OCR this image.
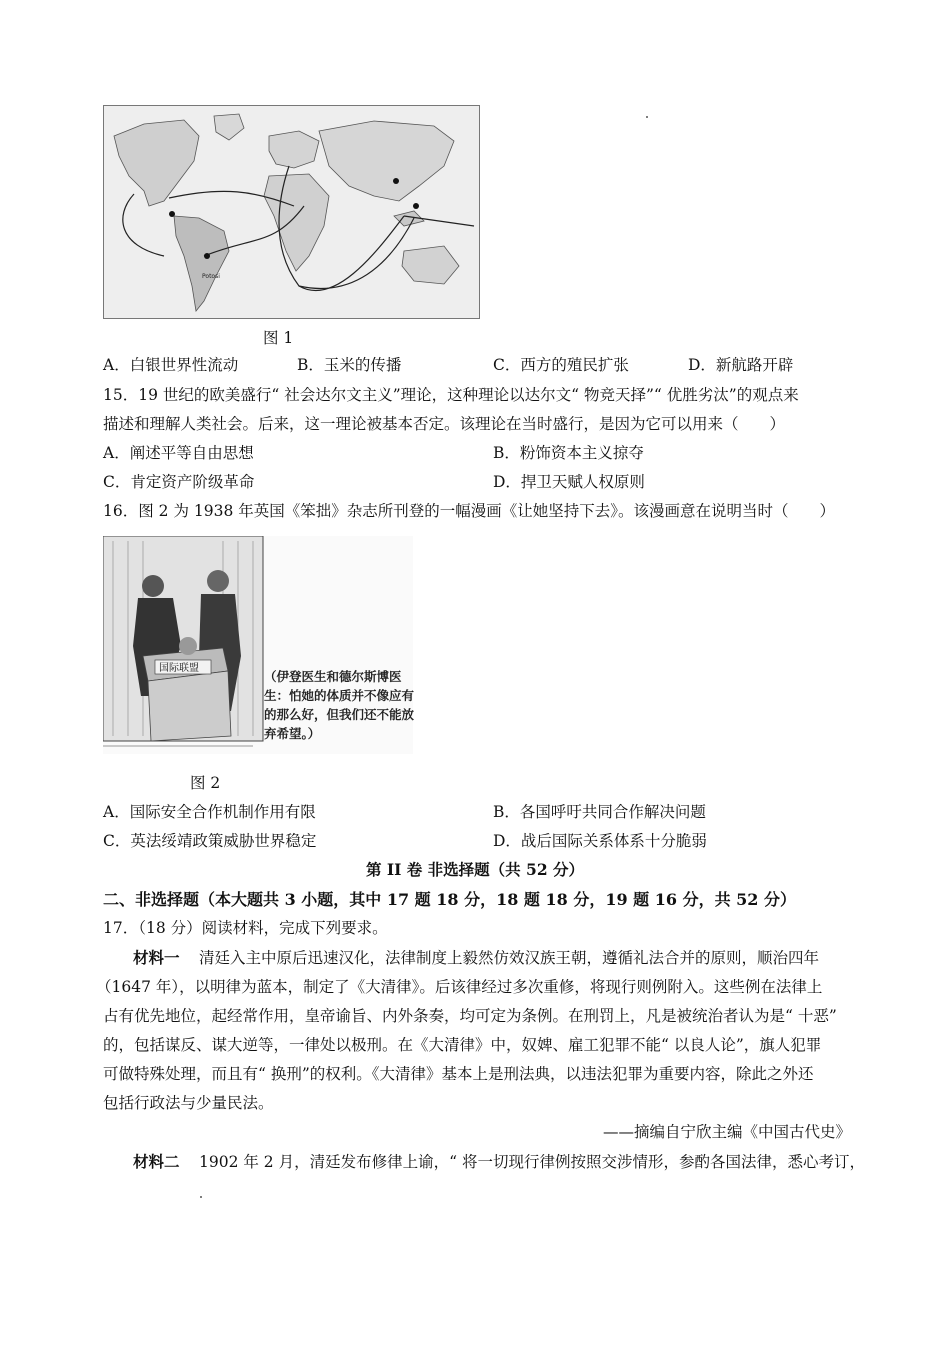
Potosi
图 1
A．白银世界性流动	B．玉米的传播	C．西方的殖民扩张	D．新航路开辟
15．19 世纪的欧美盛行“ 社会达尔文主义”理论，这种理论以达尔文“ 物竞天择”“ 优胜劣汰”的观点来
描述和理解人类社会。后来，这一理论被基本否定。该理论在当时盛行，是因为它可以用来（　　）
A．阐述平等自由思想	B．粉饰资本主义掠夺
C．肯定资产阶级革命	D．捍卫天赋人权原则
16．图 2 为 1938 年英国《笨拙》杂志所刊登的一幅漫画《让她坚持下去》。该漫画意在说明当时（　　）
国际联盟
（伊登医生和德尔斯博医生：怕她的体质并不像应有的那么好，但我们还不能放弃希望。）
图 2
A．国际安全合作机制作用有限	B．各国呼吁共同合作解决问题
C．英法绥靖政策威胁世界稳定	D．战后国际关系体系十分脆弱
第 II 卷 非选择题（共 52 分）
二、非选择题（本大题共 3 小题，其中 17 题 18 分，18 题 18 分，19 题 16 分，共 52 分）
17．（18 分）阅读材料，完成下列要求。
材料一 清廷入主中原后迅速汉化，法律制度上毅然仿效汉族王朝，遵循礼法合并的原则，顺治四年
（1647 年），以明律为蓝本，制定了《大清律》。后该律经过多次重修，将现行则例附入。这些例在法律上
占有优先地位，起经常作用，皇帝谕旨、内外条奏，均可定为条例。在刑罚上，凡是被统治者认为是“ 十恶”
的，包括谋反、谋大逆等，一律处以极刑。在《大清律》中，奴婢、雇工犯罪不能“ 以良人论”，旗人犯罪
可做特殊处理，而且有“ 换刑”的权利。《大清律》基本上是刑法典，以违法犯罪为重要内容，除此之外还
包括行政法与少量民法。
——摘编自宁欣主编《中国古代史》
材料二 1902 年 2 月，清廷发布修律上谕，“ 将一切现行律例按照交涉情形，参酌各国法律，悉心考订，
